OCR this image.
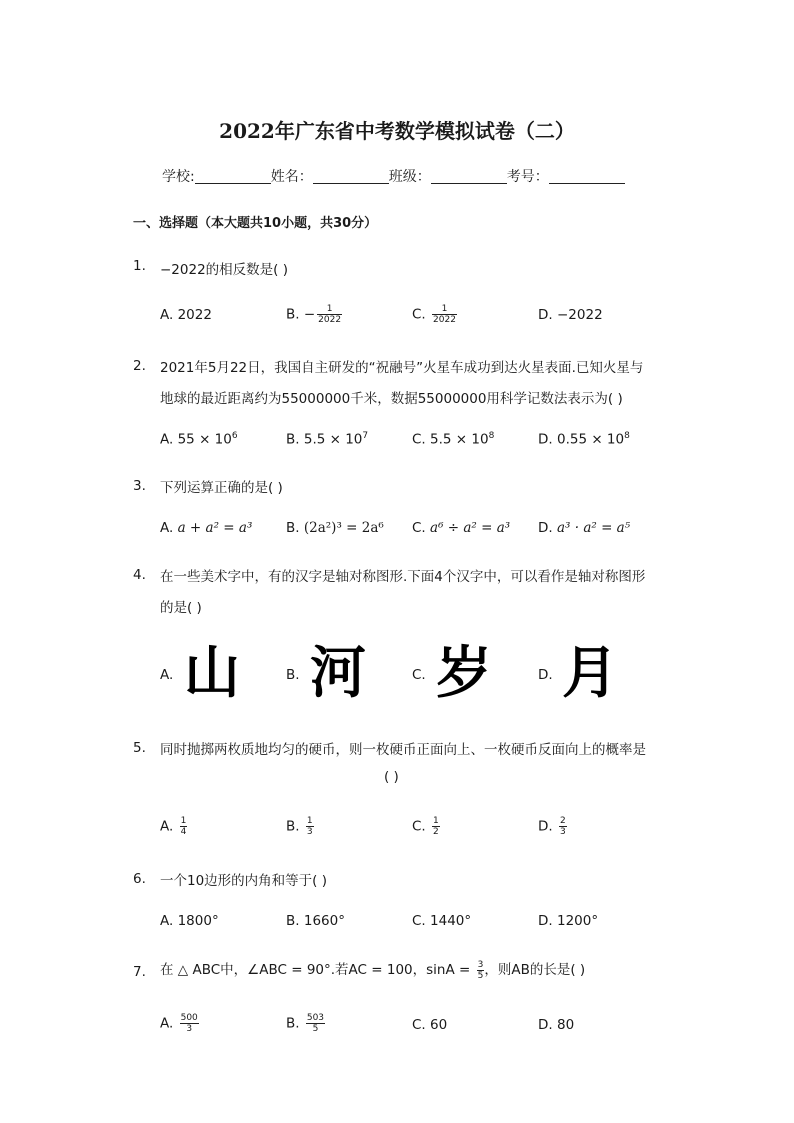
2022年广东省中考数学模拟试卷（二）
学校:	姓名：	班级：	考号：
一、选择题（本大题共10小题，共30分）
1. −2022的相反数是( )
A. 2022	B. − $\frac{1}{2022}$	C. $\frac{1}{2022}$	D. −2022
2. 2021年5月22日，我国自主研发的“祝融号”火星车成功到达火星表面.已知火星与
地球的最近距离约为55000000千米，数据55000000用科学记数法表示为( )
A. $55 \times 10^6$	B. $5.5 \times 10^7$	C. $5.5 \times 10^8$	D. $0.55 \times 10^8$
3. 下列运算正确的是( )
A. a + a² = a³ B. (2a²)³ = 2a⁶ C. a⁶ ÷ a² = a³ D. a³ · a² = a⁵
4. 在一些美术字中，有的汉字是轴对称图形.下面4个汉字中，可以看作是轴对称图形
的是( )
A. 山	B. 河	C. 岁	D. 月
5. 同时抛掷两枚质地均匀的硬币，则一枚硬币正面向上、一枚硬币反面向上的概率是
( )
A. $\frac{1}{4}$	B. $\frac{1}{3}$	C. $\frac{1}{2}$	D. $\frac{2}{3}$
6. 一个10边形的内角和等于( )
A. 1800°	B. 1660°	C. 1440°	D. 1200°
7. 在 △ ABC中，∠ABC = 90°.若AC = 100，$\sin A = \frac{3}{5}$ ，则AB的长是( )
A. $\frac{500}{3}$	B. $\frac{503}{5}$	C. 60	D. 80
